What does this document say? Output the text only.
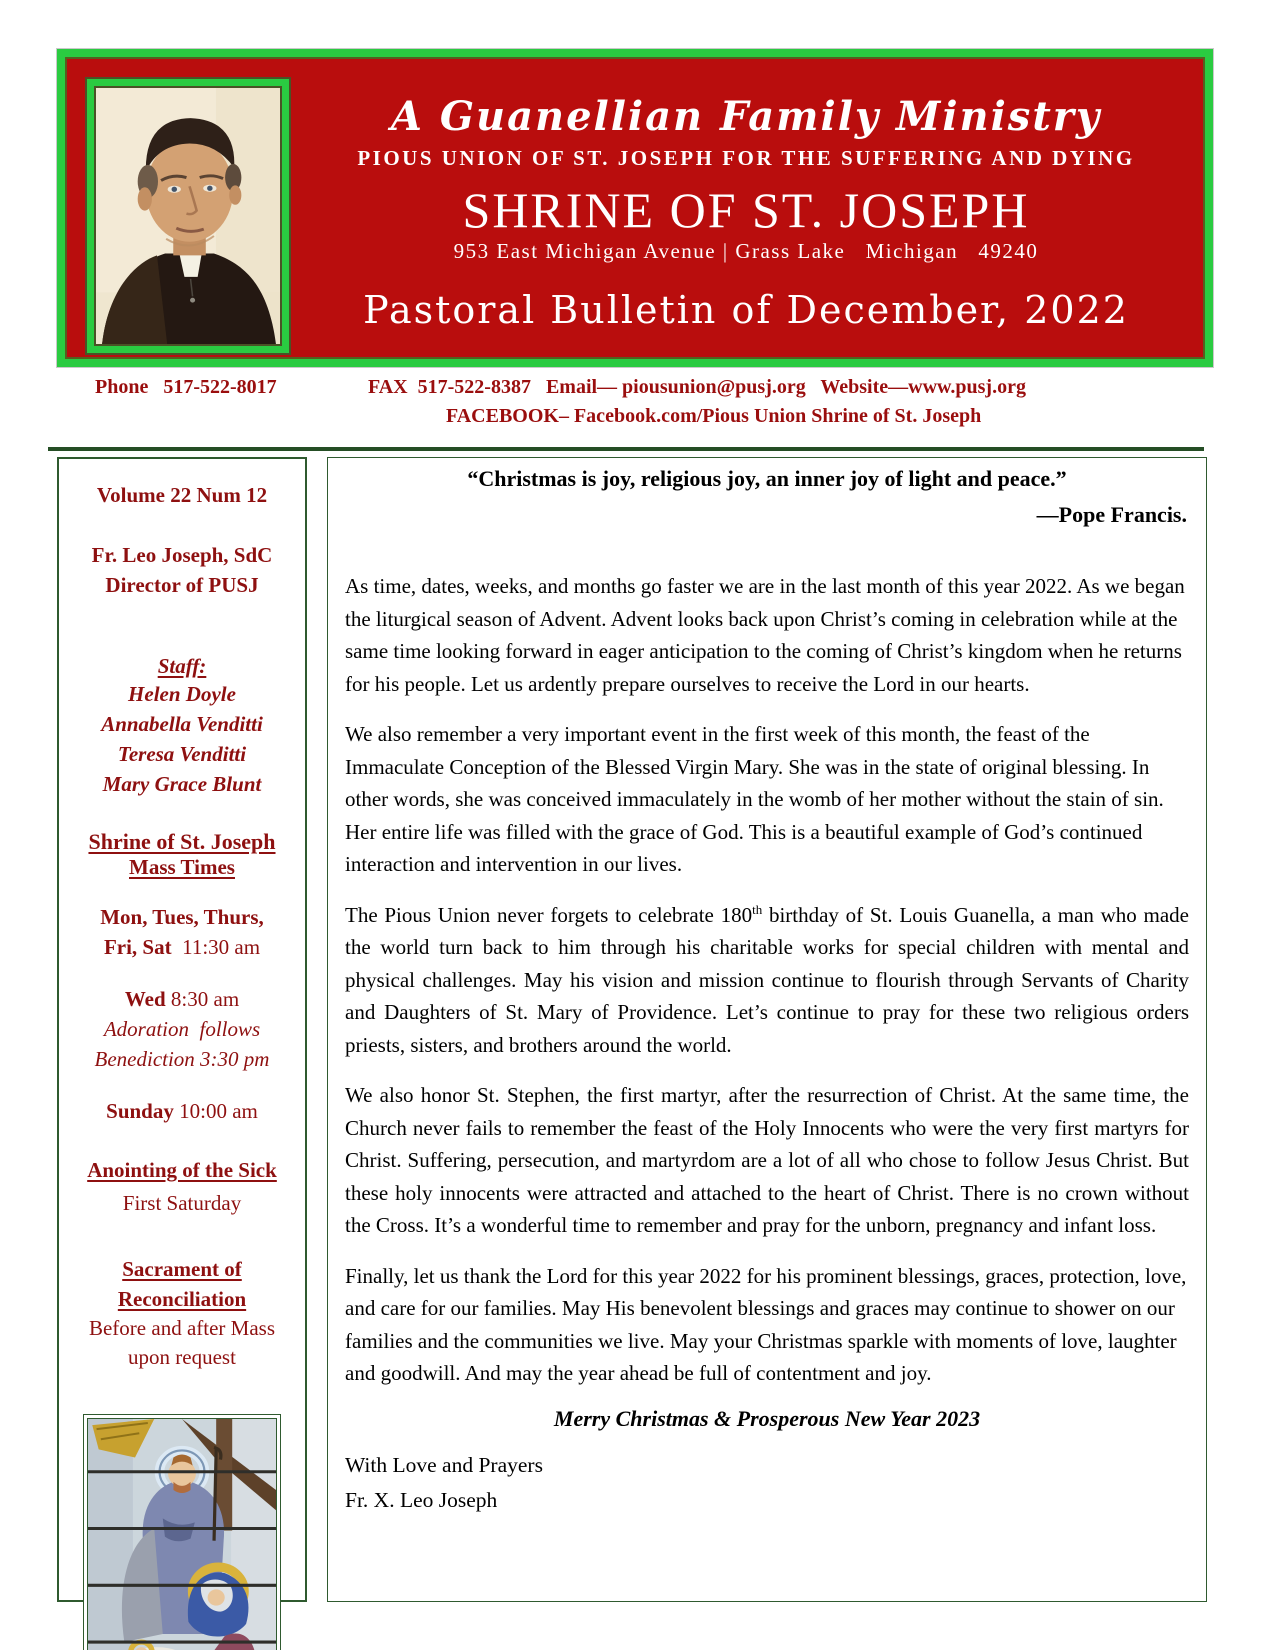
A Guanellian Family Ministry
PIOUS UNION OF ST. JOSEPH FOR THE SUFFERING AND DYING
SHRINE OF ST. JOSEPH
953 East Michigan Avenue | Grass Lake   Michigan   49240
Pastoral Bulletin of December, 2022
Phone   517-522-8017	FAX  517-522-8387   Email— piousunion@pusj.org   Website—www.pusj.org
FACEBOOK– Facebook.com/Pious Union Shrine of St. Joseph
Volume 22 Num 12
Fr. Leo Joseph, SdC
Director of PUSJ
Staff:
Helen Doyle
Annabella Venditti
Teresa Venditti
Mary Grace Blunt
Shrine of St. Joseph
Mass Times
Mon, Tues, Thurs,
Fri, Sat  11:30 am
Wed 8:30 am
Adoration  follows
Benediction 3:30 pm
Sunday 10:00 am
Anointing of the Sick
First Saturday
Sacrament of
Reconciliation
Before and after Mass
upon request
“Christmas is joy, religious joy, an inner joy of light and peace.”
—Pope Francis.

As time, dates, weeks, and months go faster we are in the last month of this year 2022. As we began the liturgical season of Advent. Advent looks back upon Christ’s coming in celebration while at the same time looking forward in eager anticipation to the coming of Christ’s kingdom when he returns for his people. Let us ardently prepare ourselves to receive the Lord in our hearts.

We also remember a very important event in the first week of this month, the feast of the Immaculate Conception of the Blessed Virgin Mary. She was in the state of original blessing. In other words, she was conceived immaculately in the womb of her mother without the stain of sin. Her entire life was filled with the grace of God. This is a beautiful example of God’s continued interaction and intervention in our lives.

The Pious Union never forgets to celebrate 180th birthday of St. Louis Guanella, a man who made the world turn back to him through his charitable works for special children with mental and physical challenges. May his vision and mission continue to flourish through Servants of Charity and Daughters of St. Mary of Providence. Let’s continue to pray for these two religious orders priests, sisters, and brothers around the world.

We also honor St. Stephen, the first martyr, after the resurrection of Christ. At the same time, the Church never fails to remember the feast of the Holy Innocents who were the very first martyrs for Christ. Suffering, persecution, and martyrdom are a lot of all who chose to follow Jesus Christ. But these holy innocents were attracted and attached to the heart of Christ. There is no crown without the Cross. It’s a wonderful time to remember and pray for the unborn, pregnancy and infant loss.

Finally, let us thank the Lord for this year 2022 for his prominent blessings, graces, protection, love, and care for our families. May His benevolent blessings and graces may continue to shower on our families and the communities we live. May your Christmas sparkle with moments of love, laughter and goodwill. And may the year ahead be full of contentment and joy.

Merry Christmas & Prosperous New Year 2023
With Love and Prayers
Fr. X. Leo Joseph
